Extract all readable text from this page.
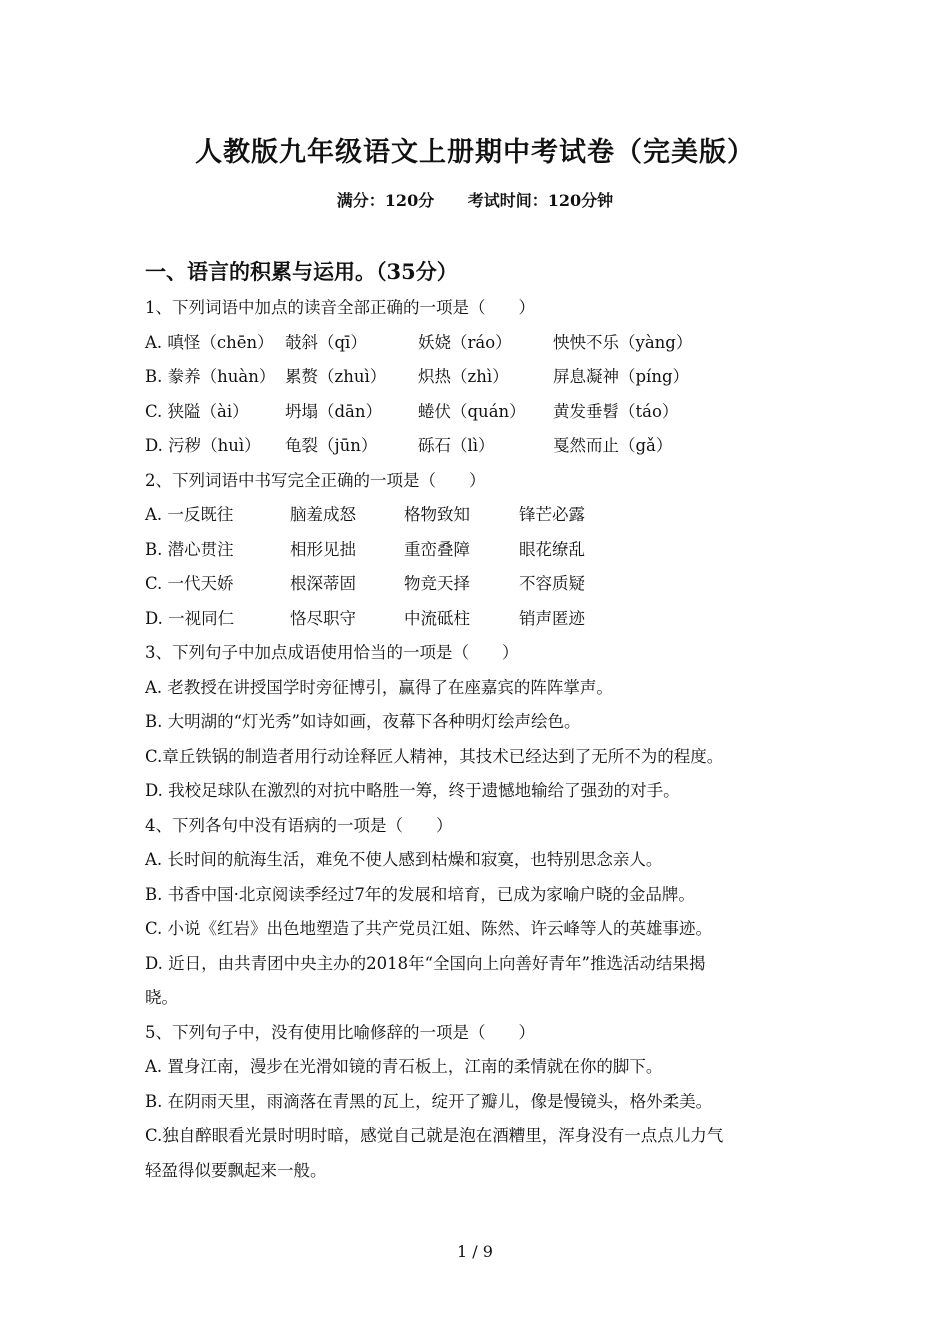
人教版九年级语文上册期中考试卷（完美版）
满分：120分 考试时间：120分钟
一、语言的积累与运用。（35分）
1、下列词语中加点的读音全部正确的一项是（　　）
A. 嗔怪（chēn） 攲斜（qī）	妖娆（ráo）	怏怏不乐（yàng）
B. 豢养（huàn） 累赘（zhuì）	炽热（zhì）	屏息凝神（píng）
C. 狭隘（ài）	坍塌（dān）	蜷伏（quán）	黄发垂髫（táo）
D. 污秽（huì）	龟裂（jūn）	砾石（lì）	戛然而止（gǎ）
2、下列词语中书写完全正确的一项是（　　）
A. 一反既往	脑羞成怒	格物致知	锋芒必露
B. 潜心贯注	相形见拙	重峦叠障	眼花缭乱
C. 一代天娇	根深蒂固	物竞天择	不容质疑
D. 一视同仁	恪尽职守	中流砥柱	销声匿迹
3、下列句子中加点成语使用恰当的一项是（　　）
A. 老教授在讲授国学时旁征博引，赢得了在座嘉宾的阵阵掌声。
B. 大明湖的“灯光秀”如诗如画，夜幕下各种明灯绘声绘色。
C.章丘铁锅的制造者用行动诠释匠人精神，其技术已经达到了无所不为的程度。
D. 我校足球队在激烈的对抗中略胜一筹，终于遗憾地输给了强劲的对手。
4、下列各句中没有语病的一项是（　　）
A. 长时间的航海生活，难免不使人感到枯燥和寂寞，也特别思念亲人。
B. 书香中国·北京阅读季经过7年的发展和培育，已成为家喻户晓的金品牌。
C. 小说《红岩》出色地塑造了共产党员江姐、陈然、许云峰等人的英雄事迹。
D. 近日，由共青团中央主办的2018年“全国向上向善好青年”推选活动结果揭
晓。
5、下列句子中，没有使用比喻修辞的一项是（　　）
A. 置身江南，漫步在光滑如镜的青石板上，江南的柔情就在你的脚下。
B. 在阴雨天里，雨滴落在青黑的瓦上，绽开了瓣儿，像是慢镜头，格外柔美。
C.独自醉眼看光景时明时暗，感觉自己就是泡在酒糟里，浑身没有一点点儿力气
轻盈得似要飘起来一般。
1 / 9
